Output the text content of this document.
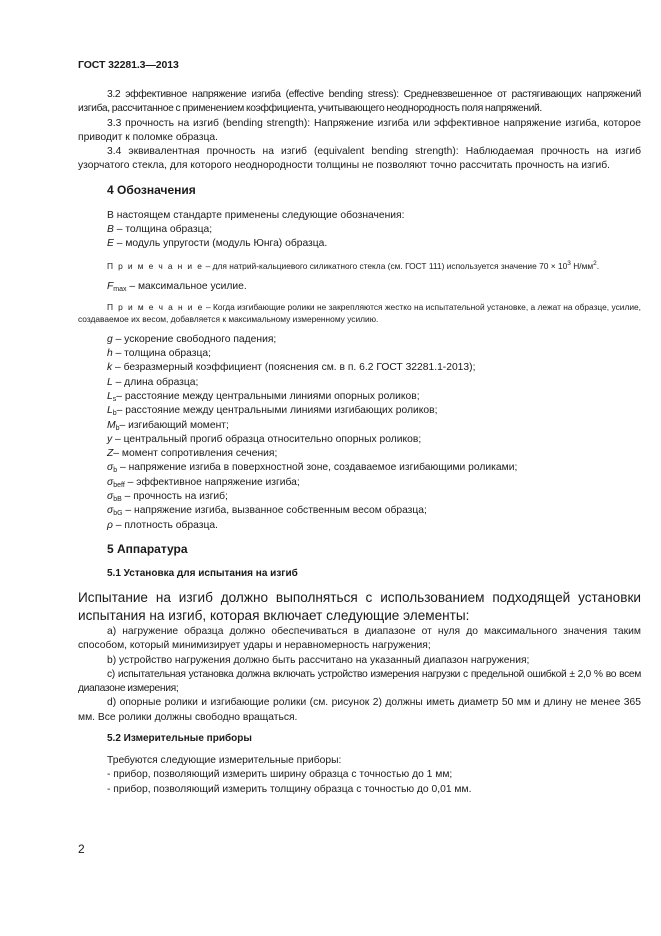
ГОСТ 32281.3—2013

3.2 эффективное напряжение изгиба (effective bending stress): Средневзвешенное от растягивающих напряжений изгиба, рассчитанное с применением коэффициента, учитывающего неоднородность поля напряжений.

3.3 прочность на изгиб (bending strength): Напряжение изгиба или эффективное напряжение изгиба, которое приводит к поломке образца.

3.4 эквивалентная прочность на изгиб (equivalent bending strength): Наблюдаемая прочность на изгиб узорчатого стекла, для которого неоднородности толщины не позволяют точно рассчитать прочность на изгиб.

4 Обозначения

В настоящем стандарте применены следующие обозначения:

B – толщина образца;

E – модуль упругости (модуль Юнга) образца.

П р и м е ч а н и е – для натрий-кальциевого силикатного стекла (см. ГОСТ 111) используется значение $70 \times 10^3$ $Н/мм^2$.

$F_{max}$ – максимальное усилие.

П р и м е ч а н и е – Когда изгибающие ролики не закрепляются жестко на испытательной установке, а лежат на образце, усилие, создаваемое их весом, добавляется к максимальному измеренному усилию.

g – ускорение свободного падения;

h – толщина образца;

k – безразмерный коэффициент (пояснения см. в п. 6.2 ГОСТ 32281.1-2013);

L – длина образца;

$L_s-$ расстояние между центральными линиями опорных роликов;

$L_b-$ расстояние между центральными линиями изгибающих роликов;

$M_b-$ изгибающий момент;

y – центральный прогиб образца относительно опорных роликов;

Z– момент сопротивления сечения;

$\sigma_b$ – напряжение изгиба в поверхностной зоне, создаваемое изгибающими роликами;

$\sigma_{beff}$ – эффективное напряжение изгиба;

$\sigma_{bB}$ – прочность на изгиб;

$\sigma_{bG}$ – напряжение изгиба, вызванное собственным весом образца;

ρ – плотность образца.

5 Аппаратура
5.1 Установка для испытания на изгиб

Испытание на изгиб должно выполняться с использованием подходящей установки испытания на изгиб, которая включает следующие элементы:

а) нагружение образца должно обеспечиваться в диапазоне от нуля до максимального значения таким способом, который минимизирует удары и неравномерность нагружения;

b) устройство нагружения должно быть рассчитано на указанный диапазон нагружения;

c) испытательная установка должна включать устройство измерения нагрузки с предельной ошибкой ± 2,0 % во всем диапазоне измерения;

d) опорные ролики и изгибающие ролики (см. рисунок 2) должны иметь диаметр 50 мм и длину не менее 365 мм. Все ролики должны свободно вращаться.

5.2 Измерительные приборы

Требуются следующие измерительные приборы:

- прибор, позволяющий измерить ширину образца с точностью до 1 мм;

- прибор, позволяющий измерить толщину образца с точностью до 0,01 мм.

2
